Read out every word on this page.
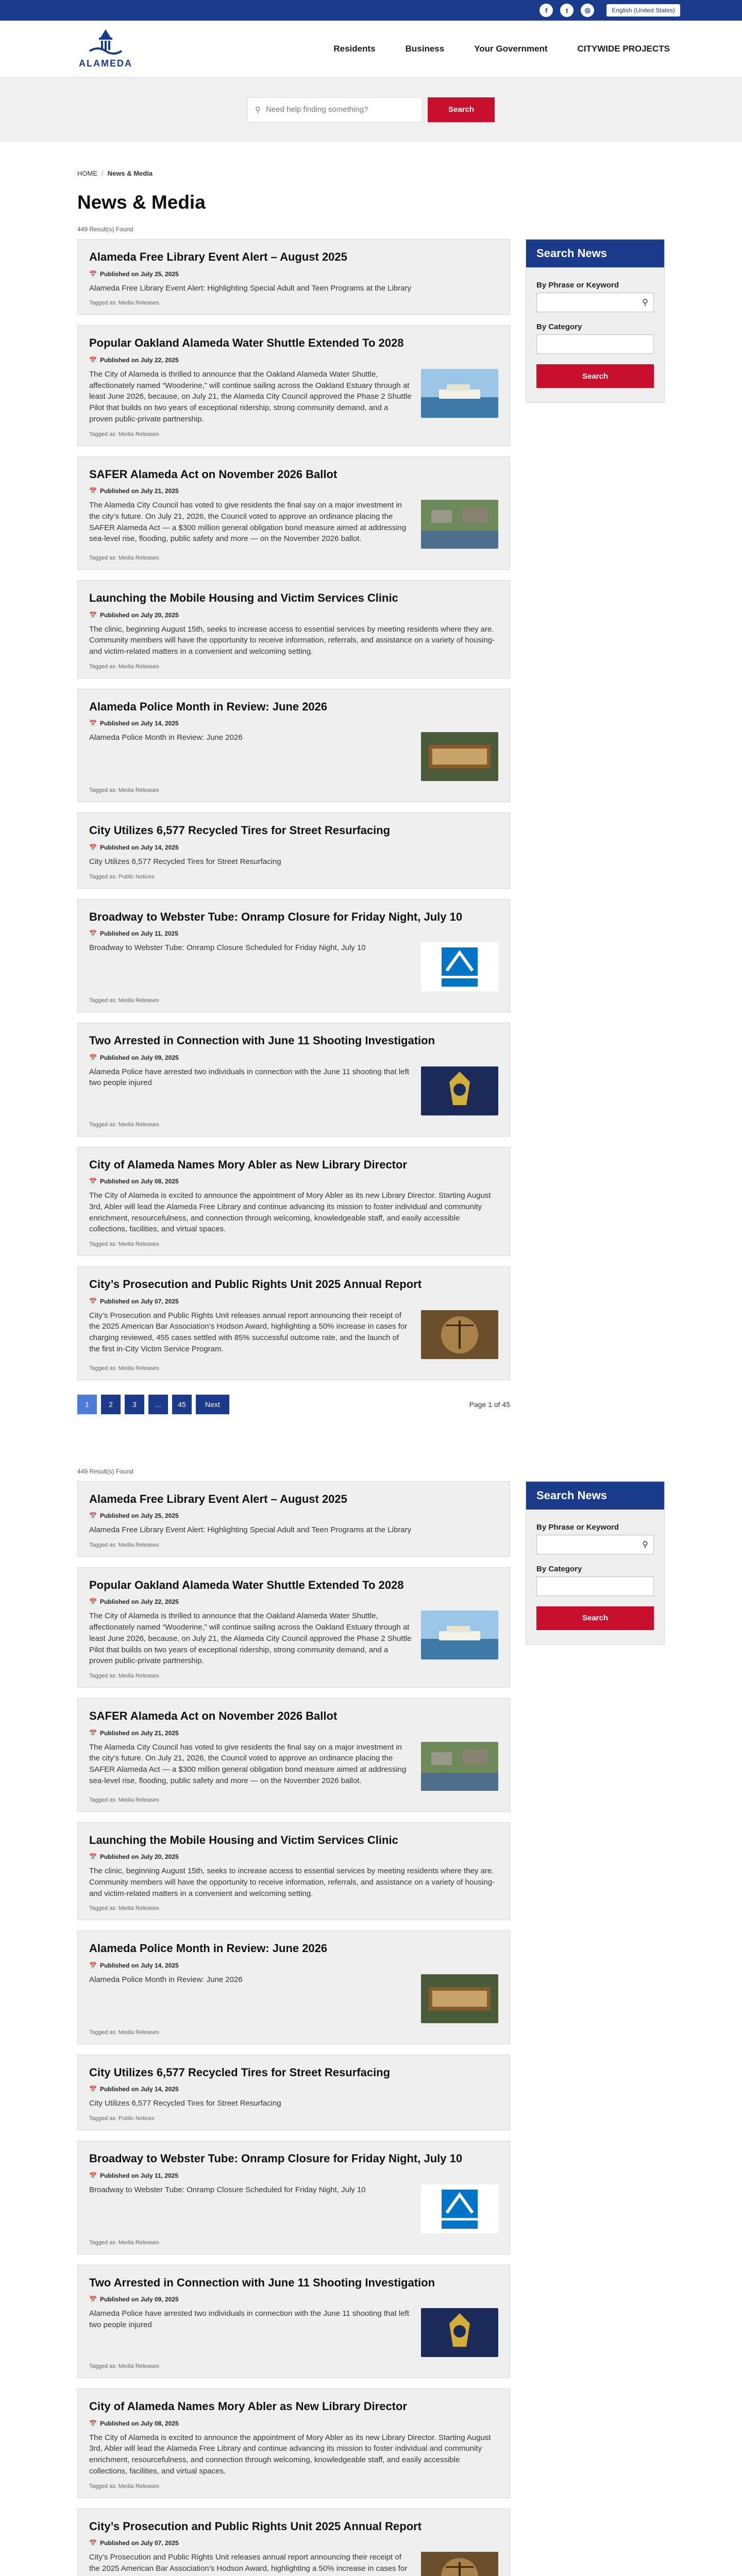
f	t	◎	English (United States)
ALAMEDA
Residents	Business	Your Government	CITYWIDE PROJECTS
⚲ Need help finding something?	Search
HOME / News & Media
News & Media
449 Result(s) Found
Alameda Free Library Event Alert – August 2025
📅 Published on July 25, 2025

Alameda Free Library Event Alert: Highlighting Special Adult and Teen Programs at the Library

Tagged as: Media Releases
Popular Oakland Alameda Water Shuttle Extended To 2028
📅 Published on July 22, 2025

The City of Alameda is thrilled to announce that the Oakland Alameda Water Shuttle, affectionately named “Wooderine,” will continue sailing across the Oakland Estuary through at least June 2026, because, on July 21, the Alameda City Council approved the Phase 2 Shuttle Pilot that builds on two years of exceptional ridership, strong community demand, and a proven public-private partnership.

Tagged as: Media Releases
SAFER Alameda Act on November 2026 Ballot
📅 Published on July 21, 2025

The Alameda City Council has voted to give residents the final say on a major investment in the city’s future. On July 21, 2026, the Council voted to approve an ordinance placing the SAFER Alameda Act — a $300 million general obligation bond measure aimed at addressing sea-level rise, flooding, public safety and more — on the November 2026 ballot.

Tagged as: Media Releases
Launching the Mobile Housing and Victim Services Clinic
📅 Published on July 20, 2025

The clinic, beginning August 15th, seeks to increase access to essential services by meeting residents where they are. Community members will have the opportunity to receive information, referrals, and assistance on a variety of housing- and victim-related matters in a convenient and welcoming setting.

Tagged as: Media Releases
Alameda Police Month in Review: June 2026
📅 Published on July 14, 2025

Alameda Police Month in Review: June 2026

Tagged as: Media Releases
City Utilizes 6,577 Recycled Tires for Street Resurfacing
📅 Published on July 14, 2025

City Utilizes 6,577 Recycled Tires for Street Resurfacing

Tagged as: Public Notices
Broadway to Webster Tube: Onramp Closure for Friday Night, July 10
📅 Published on July 11, 2025

Broadway to Webster Tube: Onramp Closure Scheduled for Friday Night, July 10

Tagged as: Media Releases
Two Arrested in Connection with June 11 Shooting Investigation
📅 Published on July 09, 2025

Alameda Police have arrested two individuals in connection with the June 11 shooting that left two people injured

Tagged as: Media Releases
City of Alameda Names Mory Abler as New Library Director
📅 Published on July 08, 2025

The City of Alameda is excited to announce the appointment of Mory Abler as its new Library Director. Starting August 3rd, Abler will lead the Alameda Free Library and continue advancing its mission to foster individual and community enrichment, resourcefulness, and connection through welcoming, knowledgeable staff, and easily accessible collections, facilities, and virtual spaces.

Tagged as: Media Releases
City’s Prosecution and Public Rights Unit 2025 Annual Report
📅 Published on July 07, 2025

City’s Prosecution and Public Rights Unit releases annual report announcing their receipt of the 2025 American Bar Association’s Hodson Award, highlighting a 50% increase in cases for charging reviewed, 455 cases settled with 85% successful outcome rate, and the launch of the first in-City Victim Service Program.

Tagged as: Media Releases
1	2	3	...	45	Next	Page 1 of 45
Search News
By Phrase or Keyword
⚲
By Category
Search
449 Result(s) Found
Alameda Free Library Event Alert – August 2025
📅 Published on July 25, 2025

Alameda Free Library Event Alert: Highlighting Special Adult and Teen Programs at the Library

Tagged as: Media Releases
Popular Oakland Alameda Water Shuttle Extended To 2028
📅 Published on July 22, 2025

The City of Alameda is thrilled to announce that the Oakland Alameda Water Shuttle, affectionately named “Wooderine,” will continue sailing across the Oakland Estuary through at least June 2026, because, on July 21, the Alameda City Council approved the Phase 2 Shuttle Pilot that builds on two years of exceptional ridership, strong community demand, and a proven public-private partnership.

Tagged as: Media Releases
SAFER Alameda Act on November 2026 Ballot
📅 Published on July 21, 2025

The Alameda City Council has voted to give residents the final say on a major investment in the city’s future. On July 21, 2026, the Council voted to approve an ordinance placing the SAFER Alameda Act — a $300 million general obligation bond measure aimed at addressing sea-level rise, flooding, public safety and more — on the November 2026 ballot.

Tagged as: Media Releases
Launching the Mobile Housing and Victim Services Clinic
📅 Published on July 20, 2025

The clinic, beginning August 15th, seeks to increase access to essential services by meeting residents where they are. Community members will have the opportunity to receive information, referrals, and assistance on a variety of housing- and victim-related matters in a convenient and welcoming setting.

Tagged as: Media Releases
Alameda Police Month in Review: June 2026
📅 Published on July 14, 2025

Alameda Police Month in Review: June 2026

Tagged as: Media Releases
City Utilizes 6,577 Recycled Tires for Street Resurfacing
📅 Published on July 14, 2025

City Utilizes 6,577 Recycled Tires for Street Resurfacing

Tagged as: Public Notices
Broadway to Webster Tube: Onramp Closure for Friday Night, July 10
📅 Published on July 11, 2025

Broadway to Webster Tube: Onramp Closure Scheduled for Friday Night, July 10

Tagged as: Media Releases
Two Arrested in Connection with June 11 Shooting Investigation
📅 Published on July 09, 2025

Alameda Police have arrested two individuals in connection with the June 11 shooting that left two people injured

Tagged as: Media Releases
City of Alameda Names Mory Abler as New Library Director
📅 Published on July 08, 2025

The City of Alameda is excited to announce the appointment of Mory Abler as its new Library Director. Starting August 3rd, Abler will lead the Alameda Free Library and continue advancing its mission to foster individual and community enrichment, resourcefulness, and connection through welcoming, knowledgeable staff, and easily accessible collections, facilities, and virtual spaces.

Tagged as: Media Releases
City’s Prosecution and Public Rights Unit 2025 Annual Report
📅 Published on July 07, 2025

City’s Prosecution and Public Rights Unit releases annual report announcing their receipt of the 2025 American Bar Association’s Hodson Award, highlighting a 50% increase in cases for

Search News
By Phrase or Keyword
⚲
By Category
Search
